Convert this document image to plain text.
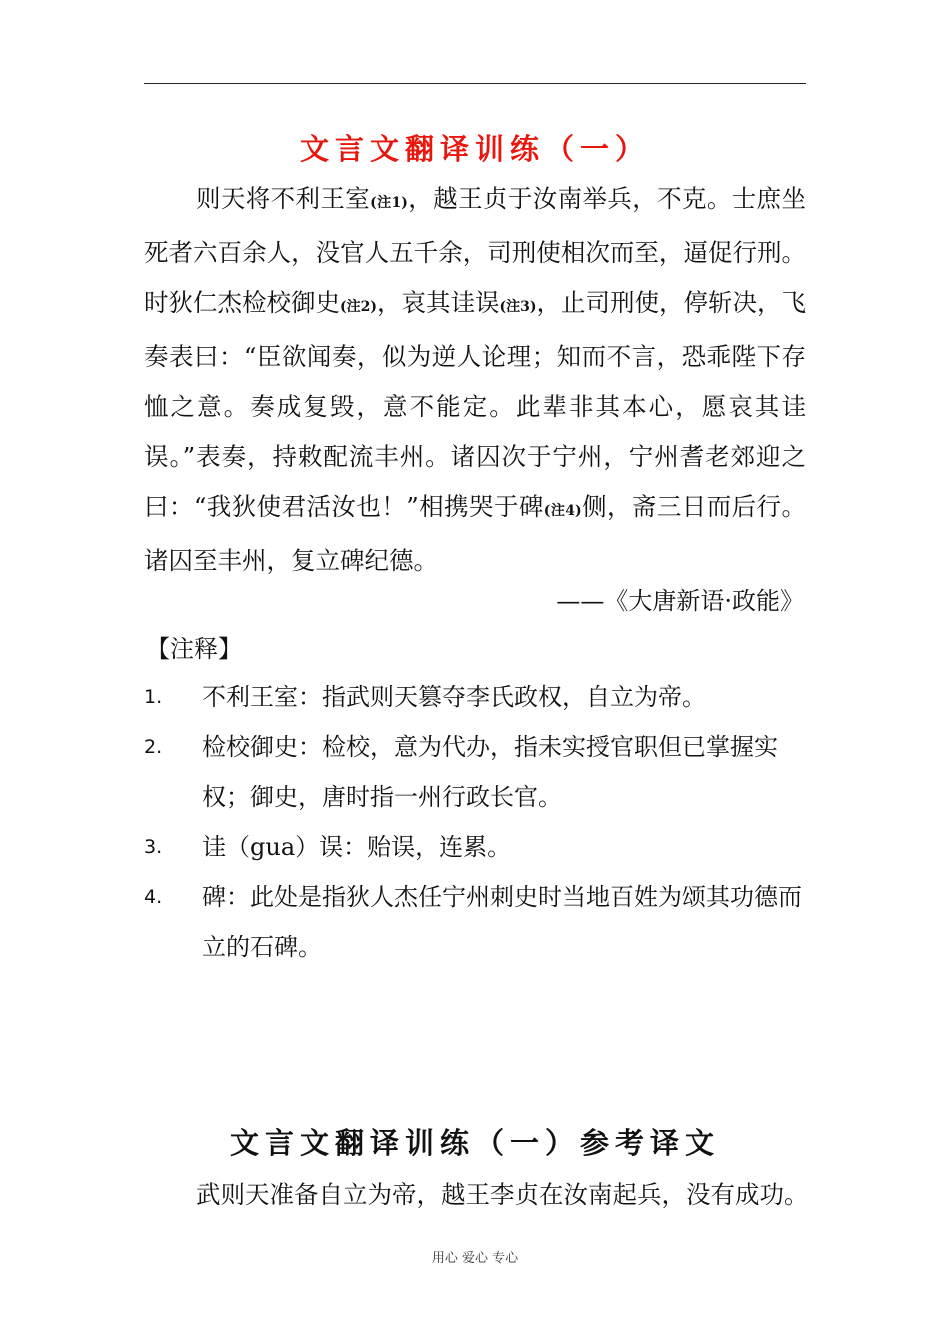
文言文翻译训练（一）

则天将不利王室(注1)，越王贞于汝南举兵，不克。士庶坐死者六百余人，没官人五千余，司刑使相次而至，逼促行刑。时狄仁杰检校御史(注2)，哀其诖误(注3)，止司刑使，停斩决，飞奏表曰：“臣欲闻奏，似为逆人论理；知而不言，恐乖陛下存恤之意。奏成复毁，意不能定。此辈非其本心，愿哀其诖误。”表奏，持敕配流丰州。诸囚次于宁州，宁州耆老郊迎之曰：“我狄使君活汝也！”相携哭于碑(注4)侧，斋三日而后行。诸囚至丰州，复立碑纪德。

——《大唐新语·政能》
【注释】

1.	不利王室：指武则天篡夺李氏政权，自立为帝。

2.	检校御史：检校，意为代办，指未实授官职但已掌握实权；御史，唐时指一州行政长官。

3.	诖（gua）误：贻误，连累。

4.	碑：此处是指狄人杰任宁州刺史时当地百姓为颂其功德而立的石碑。

文言文翻译训练（一）参考译文

武则天准备自立为帝，越王李贞在汝南起兵，没有成功。

用心 爱心 专心
